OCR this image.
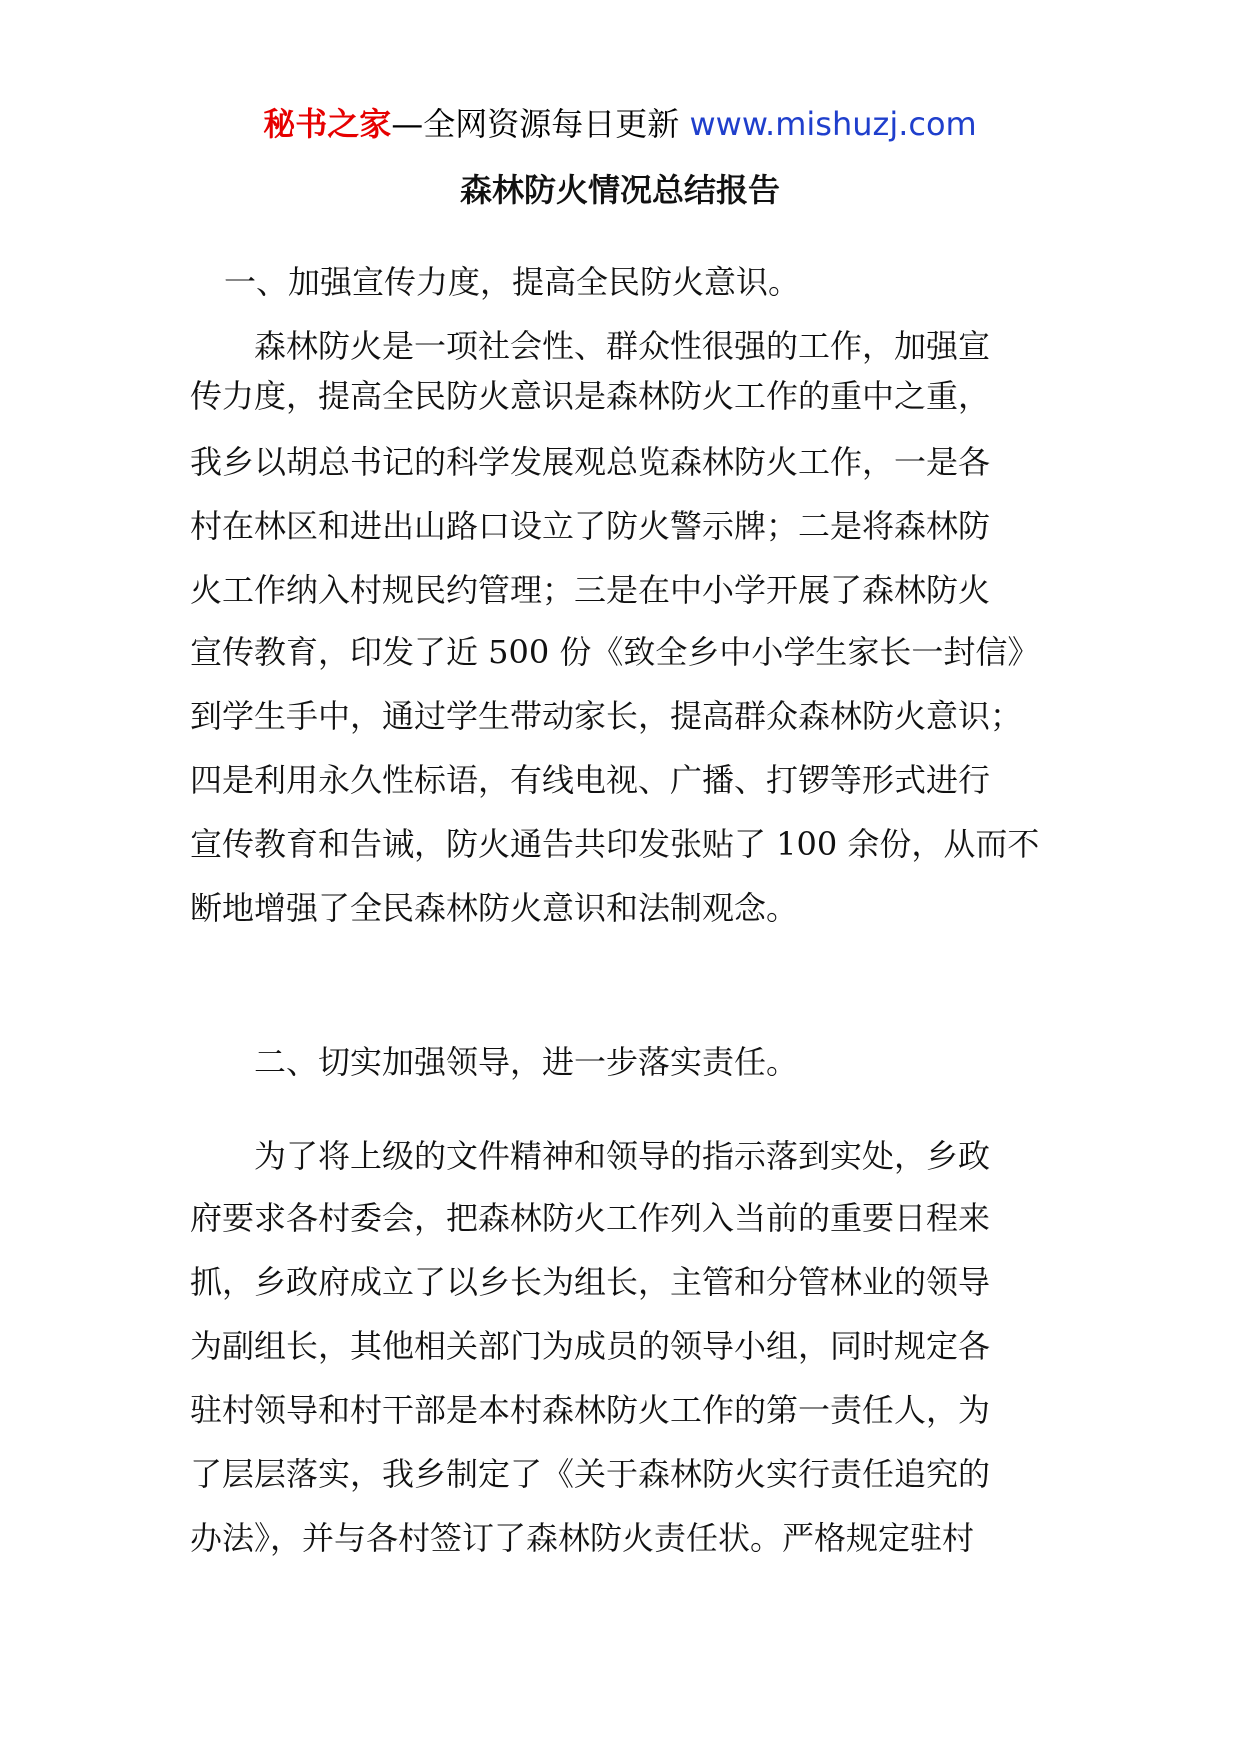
秘书之家—全网资源每日更新 www.mishuzj.com
森林防火情况总结报告
一、加强宣传力度，提高全民防火意识。
森林防火是一项社会性、群众性很强的工作，加强宣
传力度，提高全民防火意识是森林防火工作的重中之重，
我乡以胡总书记的科学发展观总览森林防火工作，一是各
村在林区和进出山路口设立了防火警示牌；二是将森林防
火工作纳入村规民约管理；三是在中小学开展了森林防火
宣传教育，印发了近 500 份《致全乡中小学生家长一封信》
到学生手中，通过学生带动家长，提高群众森林防火意识；
四是利用永久性标语，有线电视、广播、打锣等形式进行
宣传教育和告诫，防火通告共印发张贴了 100 余份，从而不
断地增强了全民森林防火意识和法制观念。
二、切实加强领导，进一步落实责任。
为了将上级的文件精神和领导的指示落到实处，乡政
府要求各村委会，把森林防火工作列入当前的重要日程来
抓，乡政府成立了以乡长为组长，主管和分管林业的领导
为副组长，其他相关部门为成员的领导小组，同时规定各
驻村领导和村干部是本村森林防火工作的第一责任人，为
了层层落实，我乡制定了《关于森林防火实行责任追究的
办法》，并与各村签订了森林防火责任状。严格规定驻村
